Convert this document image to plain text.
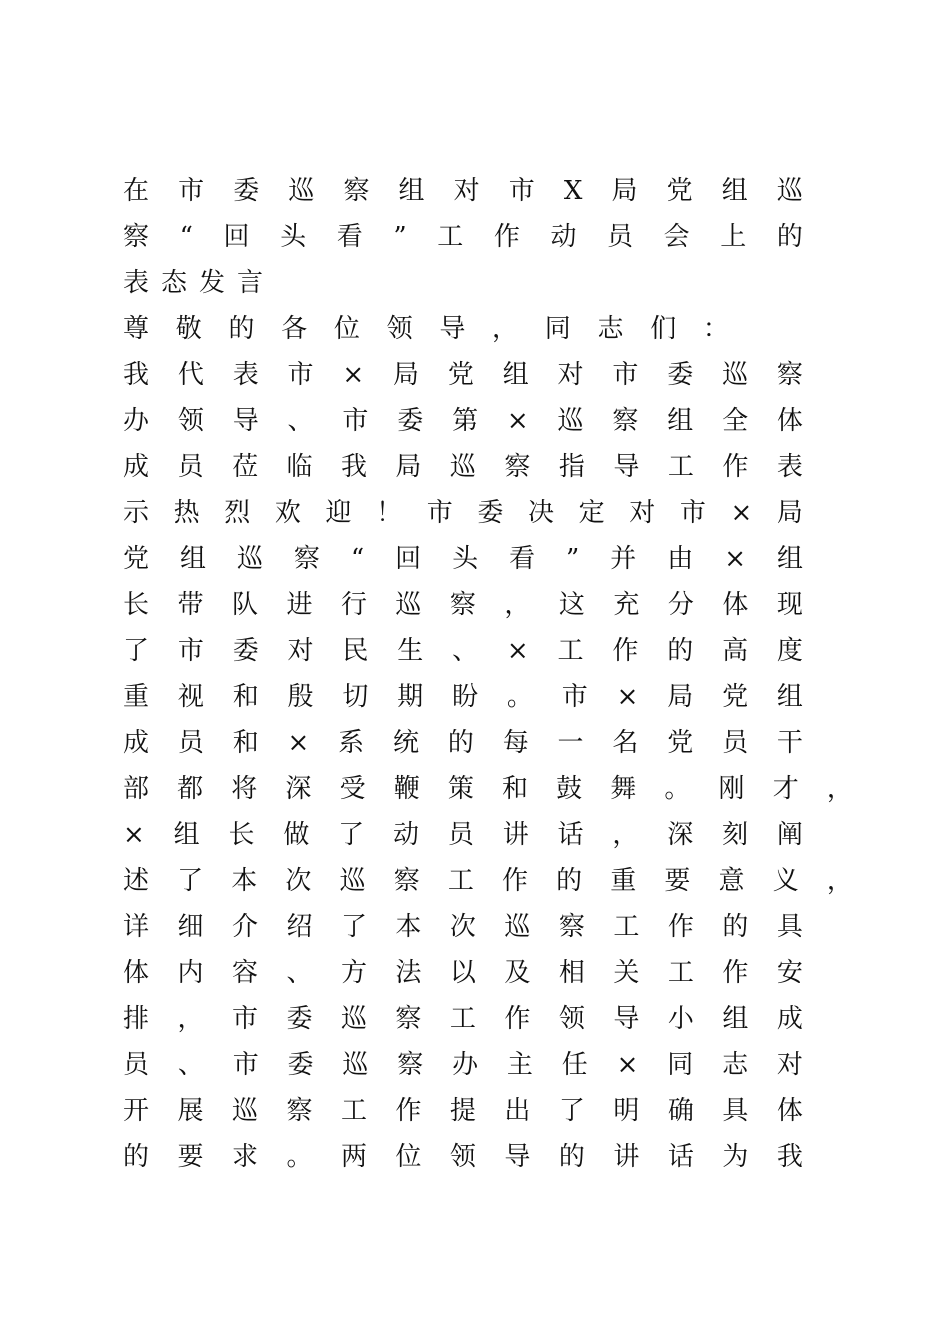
在 市 委 巡 察 组 对 市 X 局 党 组 巡
察 “ 回 头 看 ” 工 作 动 员 会 上 的
表 态 发 言
尊 敬 的 各 位 领 导 ， 同 志 们 ：
我 代 表 市 × 局 党 组 对 市 委 巡 察
办 领 导 、 市 委 第 × 巡 察 组 全 体
成 员 莅 临 我 局 巡 察 指 导 工 作 表
示 热 烈 欢 迎 ！ 市 委 决 定 对 市 × 局
党 组 巡 察 “ 回 头 看 ” 并 由 × 组
长 带 队 进 行 巡 察 ， 这 充 分 体 现
了 市 委 对 民 生 、 × 工 作 的 高 度
重 视 和 殷 切 期 盼 。 市 × 局 党 组
成 员 和 × 系 统 的 每 一 名 党 员 干
部 都 将 深 受 鞭 策 和 鼓 舞 。 刚 才 ，
× 组 长 做 了 动 员 讲 话 ， 深 刻 阐
述 了 本 次 巡 察 工 作 的 重 要 意 义 ，
详 细 介 绍 了 本 次 巡 察 工 作 的 具
体 内 容 、 方 法 以 及 相 关 工 作 安
排 ， 市 委 巡 察 工 作 领 导 小 组 成
员 、 市 委 巡 察 办 主 任 × 同 志 对
开 展 巡 察 工 作 提 出 了 明 确 具 体
的 要 求 。 两 位 领 导 的 讲 话 为 我
